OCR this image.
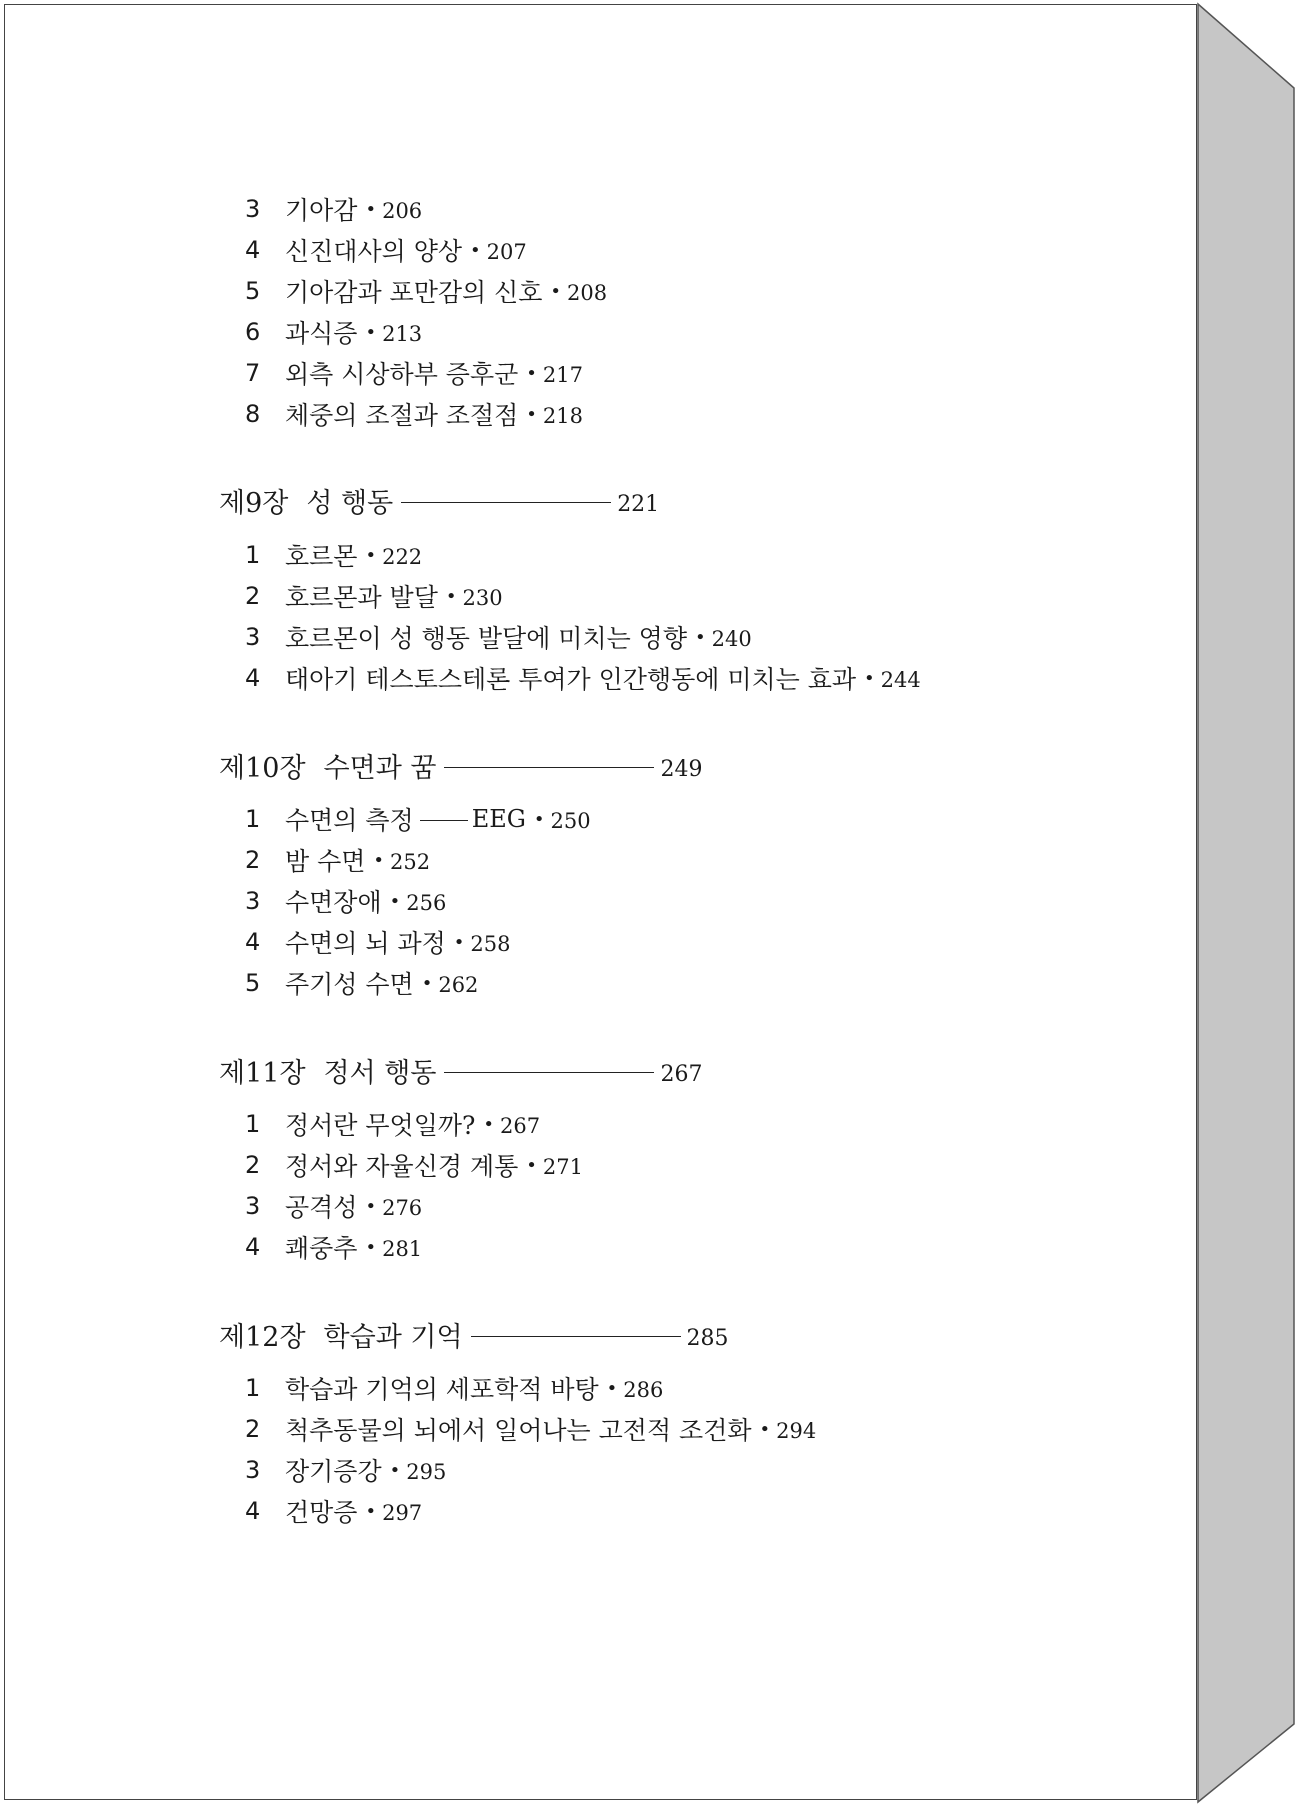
3 기아감 • 206
4 신진대사의 양상 • 207
5 기아감과 포만감의 신호 • 208
6 과식증 • 213
7 외측 시상하부 증후군 • 217
8 체중의 조절과 조절점 • 218
제9장 성 행동	221
1 호르몬 • 222
2 호르몬과 발달 • 230
3 호르몬이 성 행동 발달에 미치는 영향 • 240
4 태아기 테스토스테론 투여가 인간행동에 미치는 효과 • 244
제10장 수면과 꿈	249
1 수면의 측정 EEG • 250
2 밤 수면 • 252
3 수면장애 • 256
4 수면의 뇌 과정 • 258
5 주기성 수면 • 262
제11장 정서 행동	267
1 정서란 무엇일까? • 267
2 정서와 자율신경 계통 • 271
3 공격성 • 276
4 쾌중추 • 281
제12장 학습과 기억	285
1 학습과 기억의 세포학적 바탕 • 286
2 척추동물의 뇌에서 일어나는 고전적 조건화 • 294
3 장기증강 • 295
4 건망증 • 297
